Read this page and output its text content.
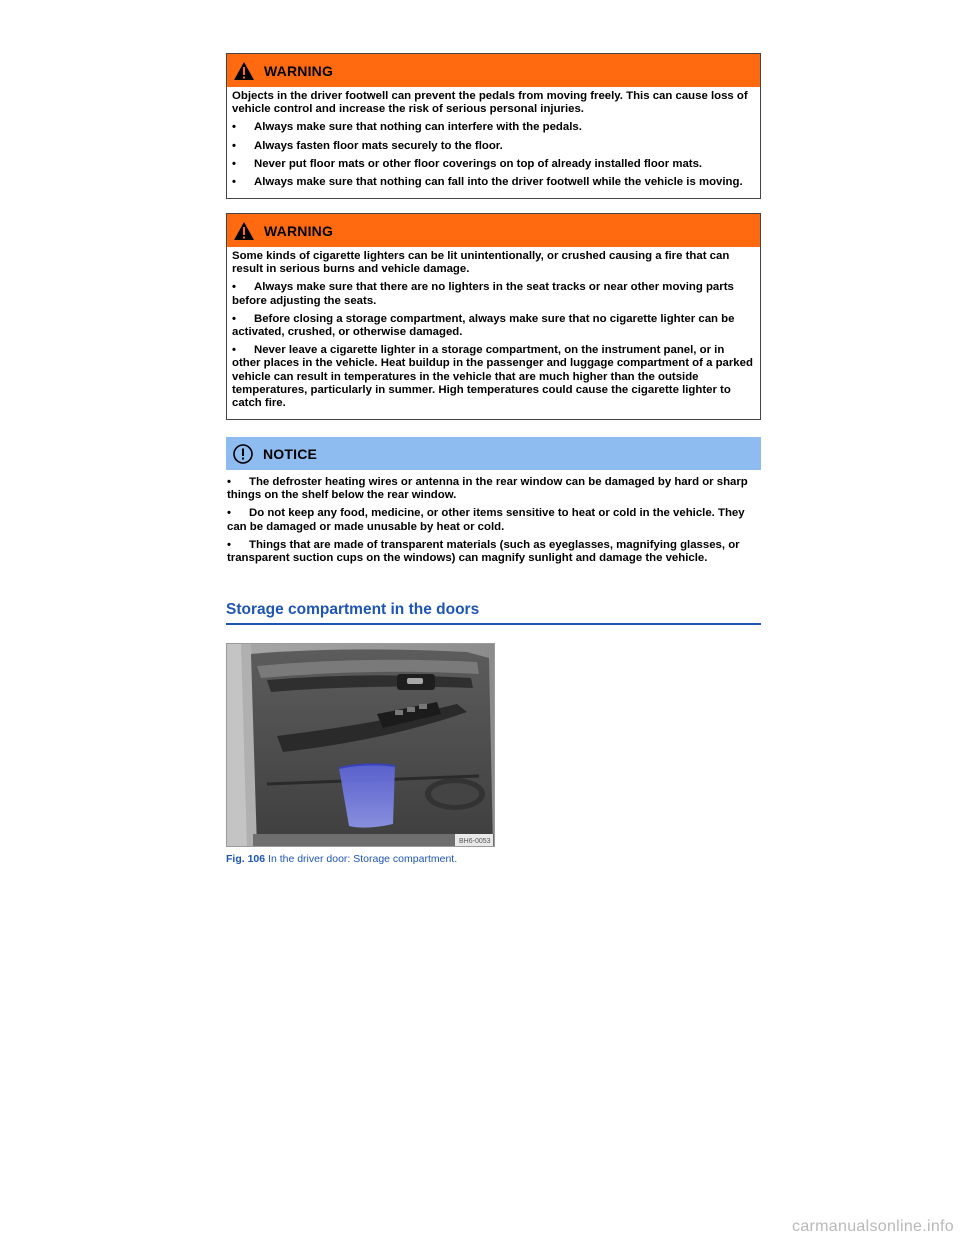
WARNING

Objects in the driver footwell can prevent the pedals from moving freely. This can cause loss of vehicle control and increase the risk of serious personal injuries.

• Always make sure that nothing can interfere with the pedals.
• Always fasten floor mats securely to the floor.
• Never put floor mats or other floor coverings on top of already installed floor mats.
• Always make sure that nothing can fall into the driver footwell while the vehicle is moving.
WARNING

Some kinds of cigarette lighters can be lit unintentionally, or crushed causing a fire that can result in serious burns and vehicle damage.

• Always make sure that there are no lighters in the seat tracks or near other moving parts before adjusting the seats.
• Before closing a storage compartment, always make sure that no cigarette lighter can be activated, crushed, or otherwise damaged.
• Never leave a cigarette lighter in a storage compartment, on the instrument panel, or in other places in the vehicle. Heat buildup in the passenger and luggage compartment of a parked vehicle can result in temperatures in the vehicle that are much higher than the outside temperatures, particularly in summer. High temperatures could cause the cigarette lighter to catch fire.
NOTICE
• The defroster heating wires or antenna in the rear window can be damaged by hard or sharp things on the shelf below the rear window.
• Do not keep any food, medicine, or other items sensitive to heat or cold in the vehicle. They can be damaged or made unusable by heat or cold.
• Things that are made of transparent materials (such as eyeglasses, magnifying glasses, or transparent suction cups on the windows) can magnify sunlight and damage the vehicle.
Storage compartment in the doors
BH6-0053
Fig. 106 In the driver door: Storage compartment.
carmanualsonline.info
